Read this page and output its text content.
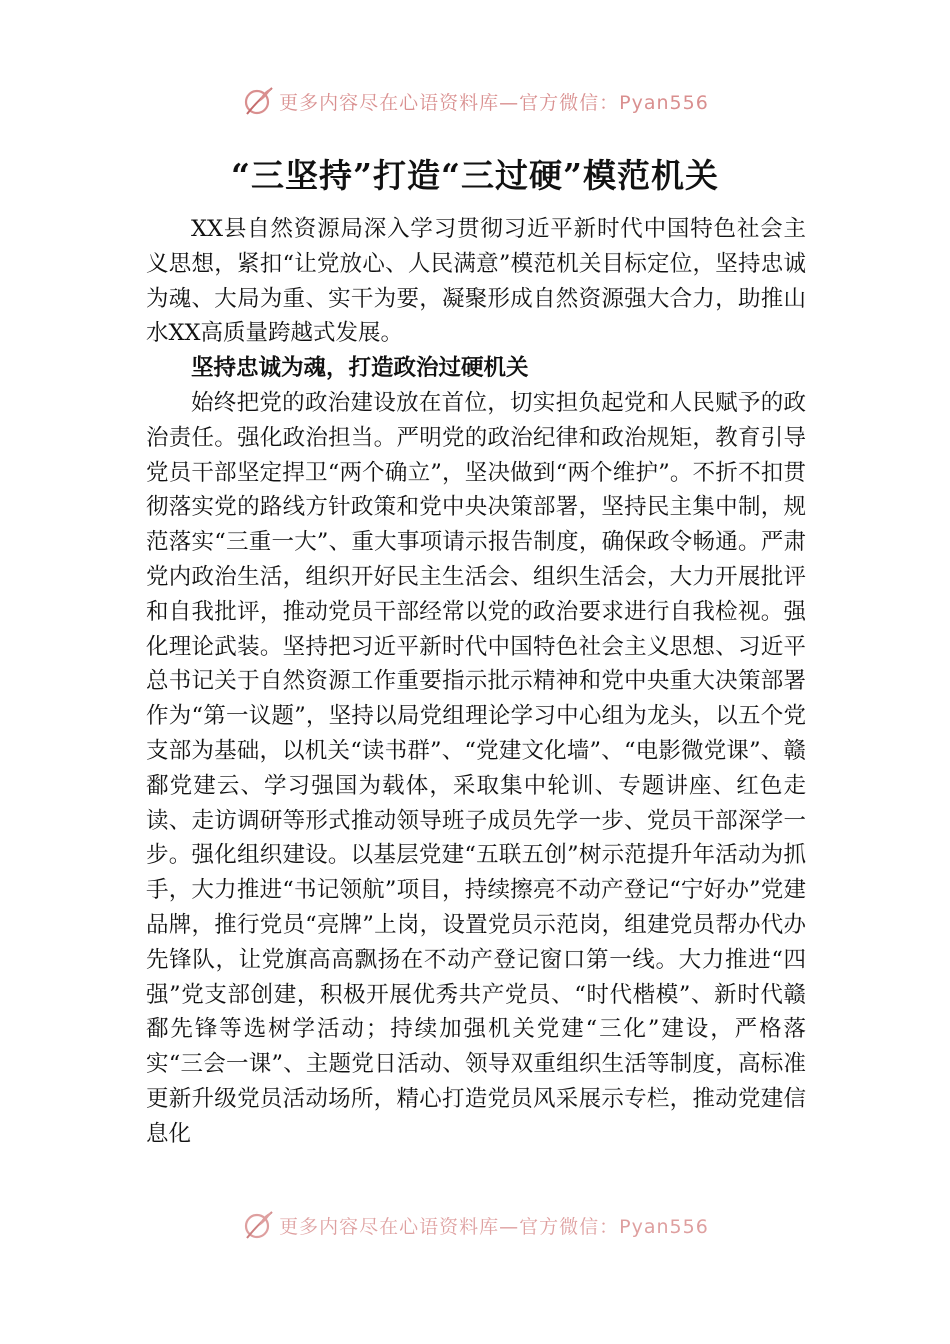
更多内容尽在心语资料库—官方微信：Pyan556
“三坚持”打造“三过硬”模范机关

XX县自然资源局深入学习贯彻习近平新时代中国特色社会主义思想，紧扣“让党放心、人民满意”模范机关目标定位，坚持忠诚为魂、大局为重、实干为要，凝聚形成自然资源强大合力，助推山水XX高质量跨越式发展。

坚持忠诚为魂，打造政治过硬机关

始终把党的政治建设放在首位，切实担负起党和人民赋予的政治责任。强化政治担当。严明党的政治纪律和政治规矩，教育引导党员干部坚定捍卫“两个确立”，坚决做到“两个维护”。不折不扣贯彻落实党的路线方针政策和党中央决策部署，坚持民主集中制，规范落实“三重一大”、重大事项请示报告制度，确保政令畅通。严肃党内政治生活，组织开好民主生活会、组织生活会，大力开展批评和自我批评，推动党员干部经常以党的政治要求进行自我检视。强化理论武装。坚持把习近平新时代中国特色社会主义思想、习近平总书记关于自然资源工作重要指示批示精神和党中央重大决策部署作为“第一议题”，坚持以局党组理论学习中心组为龙头，以五个党支部为基础，以机关“读书群”、“党建文化墙”、“电影微党课”、赣鄱党建云、学习强国为载体，采取集中轮训、专题讲座、红色走读、走访调研等形式推动领导班子成员先学一步、党员干部深学一步。强化组织建设。以基层党建“五联五创”树示范提升年活动为抓手，大力推进“书记领航”项目，持续擦亮不动产登记“宁好办”党建品牌，推行党员“亮牌”上岗，设置党员示范岗，组建党员帮办代办先锋队，让党旗高高飘扬在不动产登记窗口第一线。大力推进“四强”党支部创建，积极开展优秀共产党员、“时代楷模”、新时代赣鄱先锋等选树学活动；持续加强机关党建“三化”建设，严格落实“三会一课”、主题党日活动、领导双重组织生活等制度，高标准更新升级党员活动场所，精心打造党员风采展示专栏，推动党建信息化

更多内容尽在心语资料库—官方微信：Pyan556
